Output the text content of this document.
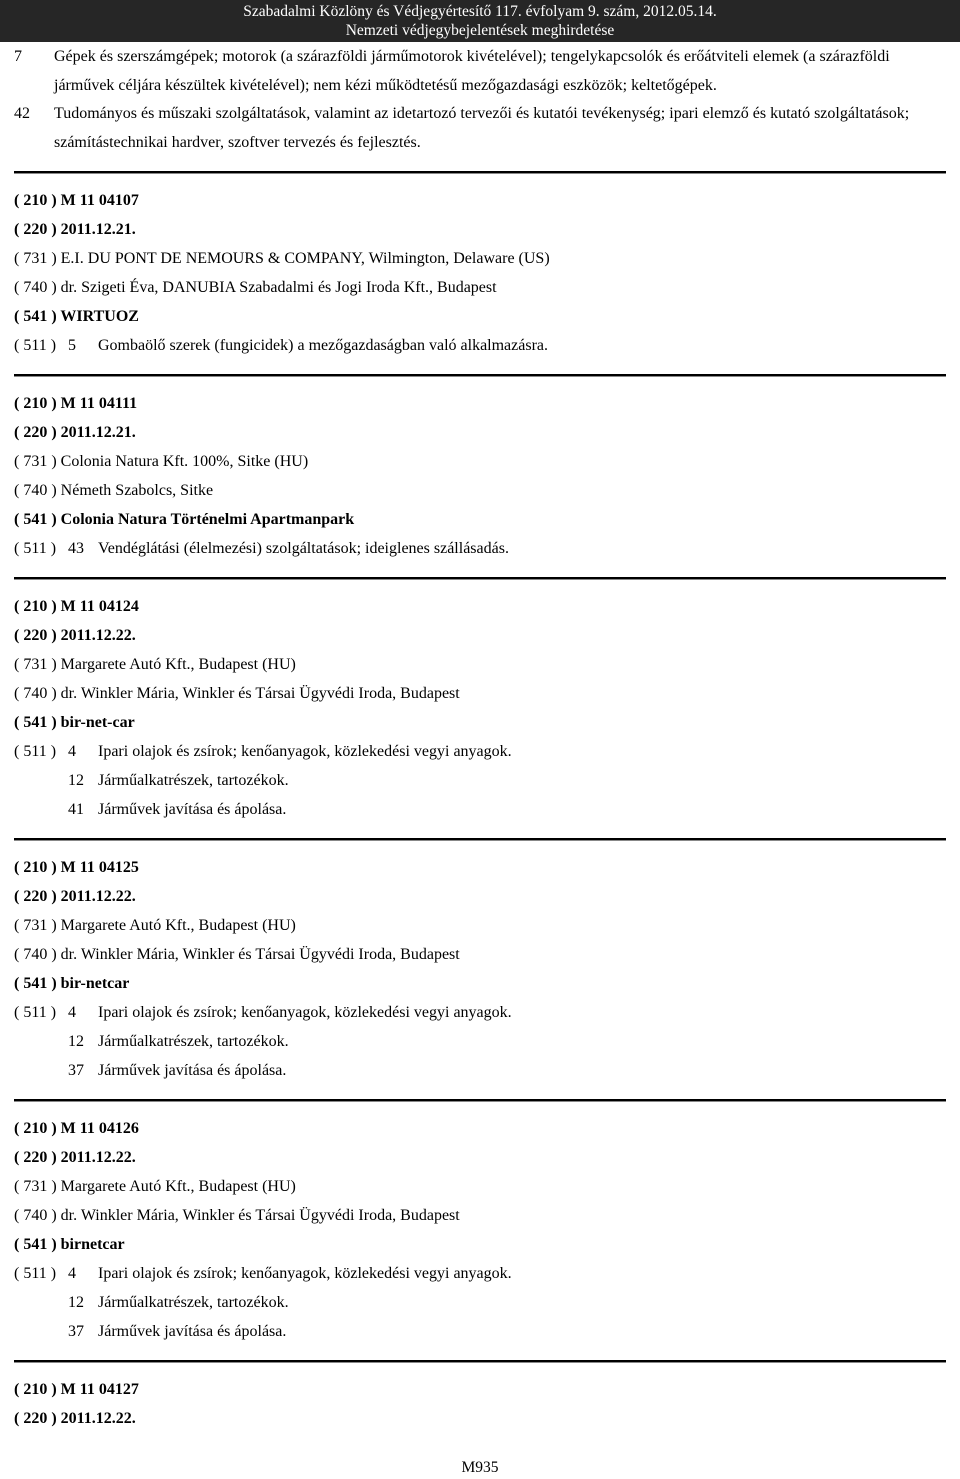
Szabadalmi Közlöny és Védjegyértesítő 117. évfolyam 9. szám, 2012.05.14.
Nemzeti védjegybejelentések meghirdetése
7 Gépek és szerszámgépek; motorok (a szárazföldi járműmotorok kivételével); tengelykapcsolók és erőátviteli elemek (a szárazföldi járművek céljára készültek kivételével); nem kézi működtetésű mezőgazdasági eszközök; keltetőgépek.
42 Tudományos és műszaki szolgáltatások, valamint az idetartozó tervezői és kutatói tevékenység; ipari elemző és kutató szolgáltatások; számítástechnikai hardver, szoftver tervezés és fejlesztés.
( 210 ) M 11 04107
( 220 ) 2011.12.21.
( 731 ) E.I. DU PONT DE NEMOURS & COMPANY, Wilmington, Delaware (US)
( 740 ) dr. Szigeti Éva, DANUBIA Szabadalmi és Jogi Iroda Kft., Budapest
( 541 ) WIRTUOZ
( 511 ) 5 Gombaölő szerek (fungicidek) a mezőgazdaságban való alkalmazásra.
( 210 ) M 11 04111
( 220 ) 2011.12.21.
( 731 ) Colonia Natura Kft. 100%, Sitke (HU)
( 740 ) Németh Szabolcs, Sitke
( 541 ) Colonia Natura Történelmi Apartmanpark
( 511 ) 43 Vendéglátási (élelmezési) szolgáltatások; ideiglenes szállásadás.
( 210 ) M 11 04124
( 220 ) 2011.12.22.
( 731 ) Margarete Autó Kft., Budapest (HU)
( 740 ) dr. Winkler Mária, Winkler és Társai Ügyvédi Iroda, Budapest
( 541 ) bir-net-car
( 511 ) 4 Ipari olajok és zsírok; kenőanyagok, közlekedési vegyi anyagok.
12 Járműalkatrészek, tartozékok.
41 Járművek javítása és ápolása.
( 210 ) M 11 04125
( 220 ) 2011.12.22.
( 731 ) Margarete Autó Kft., Budapest (HU)
( 740 ) dr. Winkler Mária, Winkler és Társai Ügyvédi Iroda, Budapest
( 541 ) bir-netcar
( 511 ) 4 Ipari olajok és zsírok; kenőanyagok, közlekedési vegyi anyagok.
12 Járműalkatrészek, tartozékok.
37 Járművek javítása és ápolása.
( 210 ) M 11 04126
( 220 ) 2011.12.22.
( 731 ) Margarete Autó Kft., Budapest (HU)
( 740 ) dr. Winkler Mária, Winkler és Társai Ügyvédi Iroda, Budapest
( 541 ) birnetcar
( 511 ) 4 Ipari olajok és zsírok; kenőanyagok, közlekedési vegyi anyagok.
12 Járműalkatrészek, tartozékok.
37 Járművek javítása és ápolása.
( 210 ) M 11 04127
( 220 ) 2011.12.22.
M935
